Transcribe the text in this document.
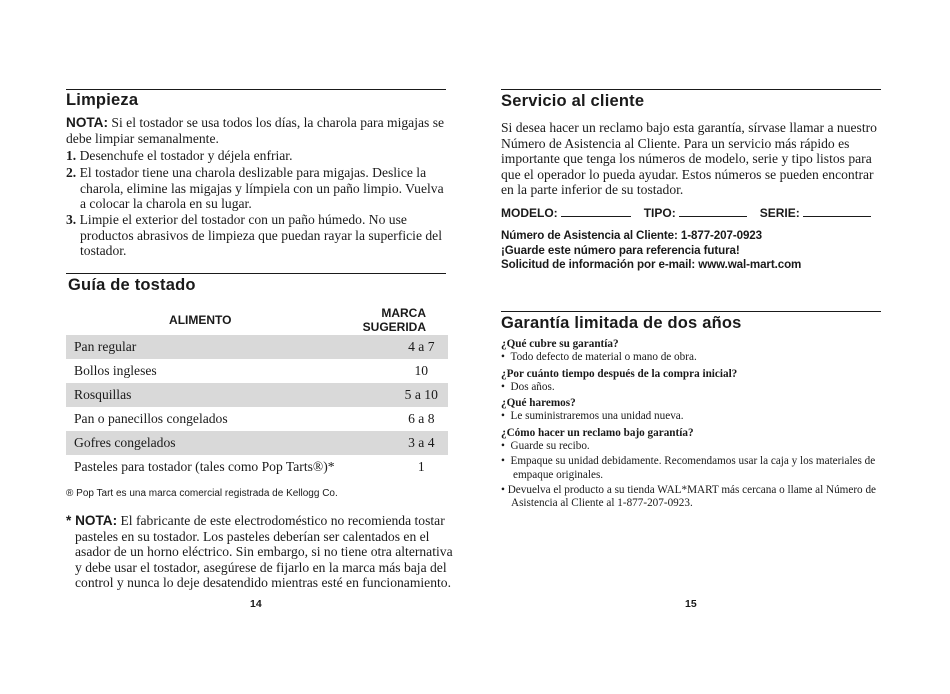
Limpieza
NOTA: Si el tostador se usa todos los días, la charola para migajas se debe limpiar semanalmente.
1. Desenchufe el tostador y déjela enfriar.
2. El tostador tiene una charola deslizable para migajas. Deslice la charola, elimine las migajas y límpiela con un paño limpio. Vuelva a colocar la charola en su lugar.
3. Limpie el exterior del tostador con un paño húmedo. No use productos abrasivos de limpieza que puedan rayar la superficie del tostador.
Guía de tostado
ALIMENTO	MARCA SUGERIDA
Pan regular	4 a 7
Bollos ingleses	10
Rosquillas	5 a 10
Pan o panecillos congelados	6 a 8
Gofres congelados	3 a 4
Pasteles para tostador (tales como Pop Tarts®)*	1
® Pop Tart es una marca comercial registrada de Kellogg Co.
* NOTA: El fabricante de este electrodoméstico no recomienda tostar pasteles en su tostador. Los pasteles deberían ser calentados en el asador de un horno eléctrico. Sin embargo, si no tiene otra alternativa y debe usar el tostador, asegúrese de fijarlo en la marca más baja del control y nunca lo deje desatendido mientras esté en funcionamiento.
14
Servicio al cliente
Si desea hacer un reclamo bajo esta garantía, sírvase llamar a nuestro Número de Asistencia al Cliente. Para un servicio más rápido es importante que tenga los números de modelo, serie y tipo listos para que el operador lo pueda ayudar. Estos números se pueden encontrar en la parte inferior de su tostador.
MODELO:	TIPO:	SERIE:
Número de Asistencia al Cliente: 1-877-207-0923
¡Guarde este número para referencia futura!
Solicitud de información por e-mail: www.wal-mart.com
Garantía limitada de dos años
¿Qué cubre su garantía?
•  Todo defecto de material o mano de obra.
¿Por cuánto tiempo después de la compra inicial?
•  Dos años.
¿Qué haremos?
•  Le suministraremos una unidad nueva.
¿Cómo hacer un reclamo bajo garantía?
•  Guarde su recibo.
•  Empaque su unidad debidamente. Recomendamos usar la caja y los materiales de empaque originales.
• Devuelva el producto a su tienda WAL*MART más cercana o llame al Número de Asistencia al Cliente al 1-877-207-0923.
15
